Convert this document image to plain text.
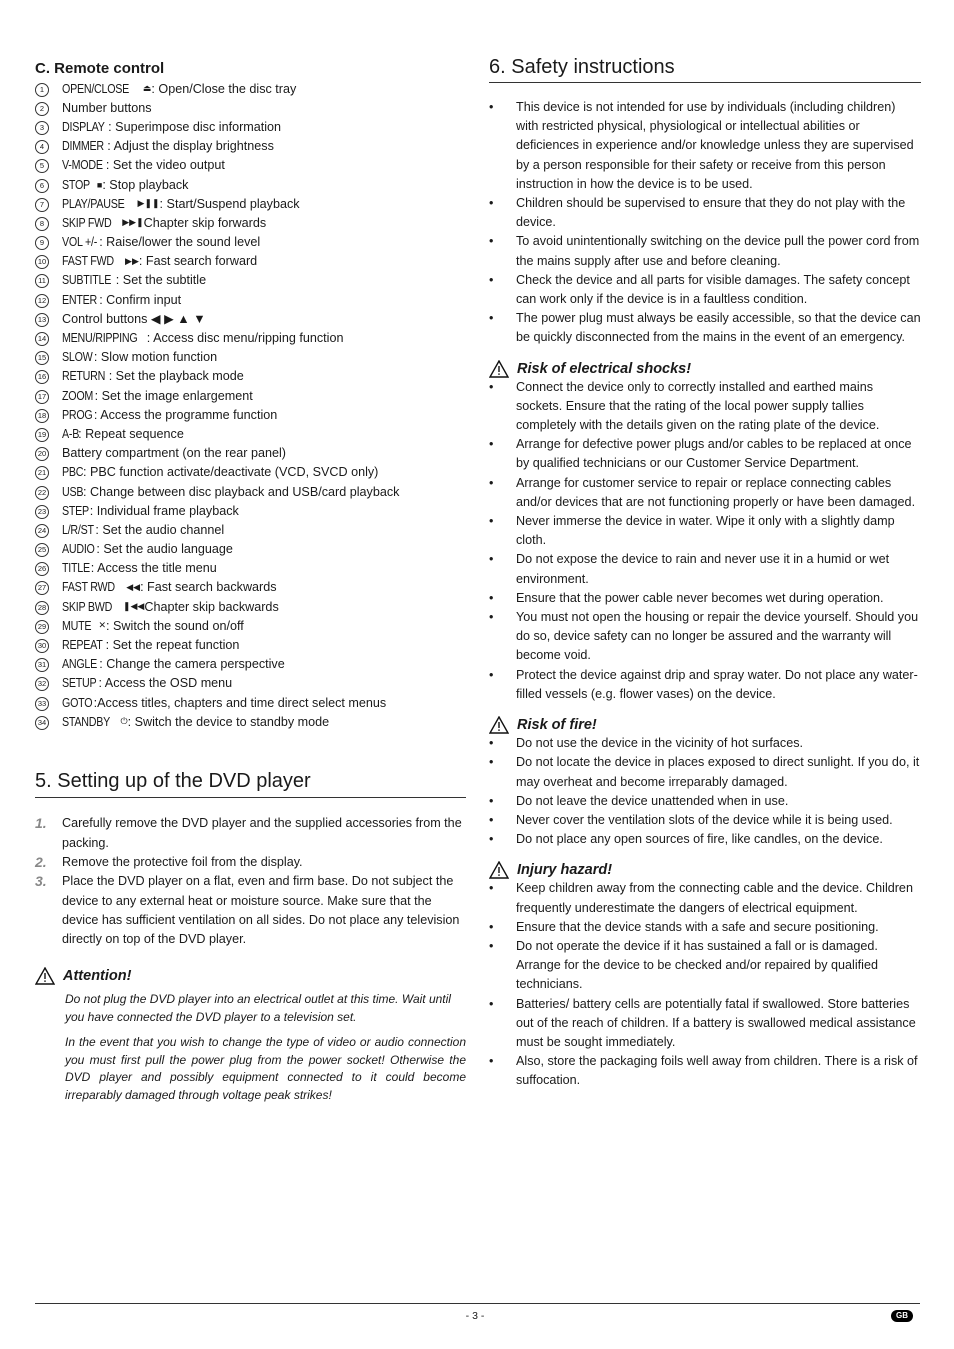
C. Remote control
1	OPEN/CLOSE ⏏ : Open/Close the disc tray
2	Number buttons
3	DISPLAY : Superimpose disc information
4	DIMMER : Adjust the display brightness
5	V-MODE : Set the video output
6	STOP ■ : Stop playback
7	PLAY/PAUSE ▶❚❚ : Start/Suspend playback
8	SKIP FWD ▶▶❚ Chapter skip forwards
9	VOL +/- : Raise/lower the sound level
10	FAST FWD ▶▶ : Fast search forward
11	SUBTITLE : Set the subtitle
12	ENTER : Confirm input
13	Control buttons ◀ ▶ ▲ ▼
14	MENU/RIPPING : Access disc menu/ripping function
15	SLOW : Slow motion function
16	RETURN : Set the playback mode
17	ZOOM : Set the image enlargement
18	PROG : Access the programme function
19	A-B : Repeat sequence
20	Battery compartment (on the rear panel)
21	PBC : PBC function activate/deactivate (VCD, SVCD only)
22	USB : Change between disc playback and USB/card playback
23	STEP : Individual frame playback
24	L/R/ST : Set the audio channel
25	AUDIO : Set the audio language
26	TITLE : Access the title menu
27	FAST RWD ◀◀ : Fast search backwards
28	SKIP BWD ❚◀◀ Chapter skip backwards
29	MUTE ✕ : Switch the sound on/off
30	REPEAT : Set the repeat function
31	ANGLE : Change the camera perspective
32	SETUP : Access the OSD menu
33	GOTO :Access titles, chapters and time direct select menus
34	STANDBY ⏻ : Switch the device to standby mode
5. Setting up of the DVD player
1.	Carefully remove the DVD player and the supplied accessories from the packing.
2.	Remove the protective foil from the display.
3.	Place the DVD player on a flat, even and firm base. Do not subject the device to any external heat or moisture source. Make sure that the device has sufficient ventilation on all sides. Do not place any television directly on top of the DVD player.
Attention!
Do not plug the DVD player into an electrical outlet at this time. Wait until you have connected the DVD player to a television set.
In the event that you wish to change the type of video or audio connection you must first pull the power plug from the power socket! Otherwise the DVD player and possibly equipment connected to it could become irreparably damaged through voltage peak strikes!
6. Safety instructions
•	This device is not intended for use by individuals (including children) with restricted physical, physiological or intellectual abilities or deficiences in experience and/or knowledge unless they are supervised by a person responsible for their safety or receive from this person instruction in how the device is to be used.
•	Children should be supervised to ensure that they do not play with the device.
•	To avoid unintentionally switching on the device pull the power cord from the mains supply after use and before cleaning.
•	Check the device and all parts for visible damages. The safety concept can work only if the device is in a faultless condition.
•	The power plug must always be easily accessible, so that the device can be quickly disconnected from the mains in the event of an emergency.
Risk of electrical shocks!
•	Connect the device only to correctly installed and earthed mains sockets. Ensure that the rating of the local power supply tallies completely with the details given on the rating plate of the device.
•	Arrange for defective power plugs and/or cables to be replaced at once by qualified technicians or our Customer Service Department.
•	Arrange for customer service to repair or replace connecting cables and/or devices that are not functioning properly or have been damaged.
•	Never immerse the device in water. Wipe it only with a slightly damp cloth.
•	Do not expose the device to rain and never use it in a humid or wet environment.
•	Ensure that the power cable never becomes wet during operation.
•	You must not open the housing or repair the device yourself. Should you do so, device safety can no longer be assured and the warranty will become void.
•	Protect the device against drip and spray water. Do not place any water-filled vessels (e.g. flower vases) on the device.
Risk of fire!
•	Do not use the device in the vicinity of hot surfaces.
•	Do not locate the device in places exposed to direct sunlight. If you do, it may overheat and become irreparably damaged.
•	Do not leave the device unattended when in use.
•	Never cover the ventilation slots of the device while it is being used.
•	Do not place any open sources of fire, like candles, on the device.
Injury hazard!
•	Keep children away from the connecting cable and the device. Children frequently underestimate the dangers of electrical equipment.
•	Ensure that the device stands with a safe and secure positioning.
•	Do not operate the device if it has sustained a fall or is damaged. Arrange for the device to be checked and/or repaired by qualified technicians.
•	Batteries/ battery cells are potentially fatal if swallowed. Store batteries out of the reach of children. If a battery is swallowed medical assistance must be sought immediately.
•	Also, store the packaging foils well away from children. There is a risk of suffocation.
- 3 -	GB
